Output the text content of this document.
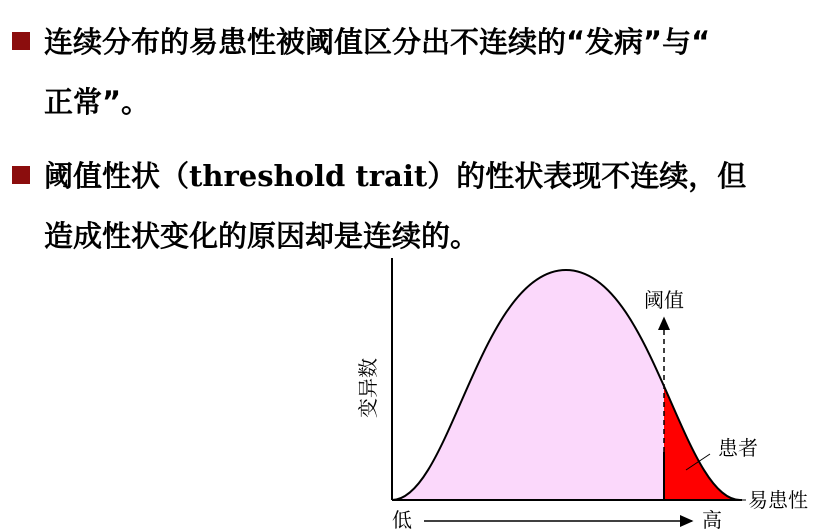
连续分布的易患性被阈值区分出不连续的“发病”与“
正常”。
阈值性状（threshold trait）的性状表现不连续，但
造成性状变化的原因却是连续的。
阈值
患者
易患性
低	高
变异数
